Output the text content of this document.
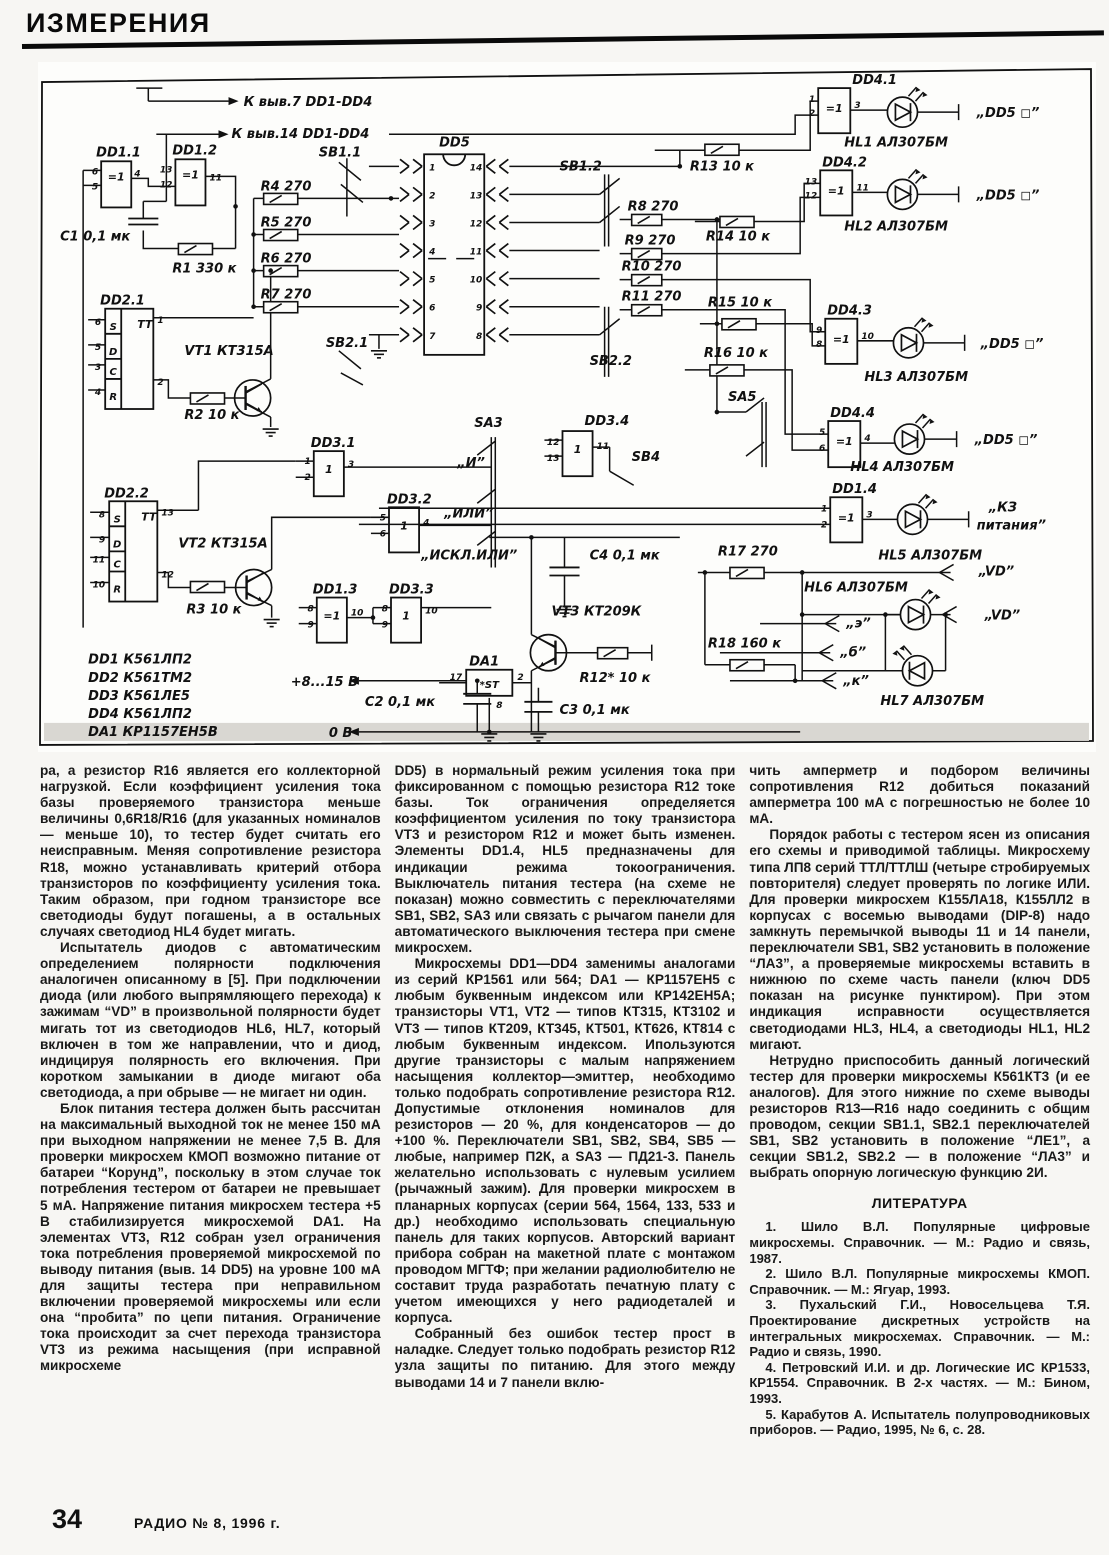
ИЗМЕРЕНИЯ
К выв.7 DD1-DD4
К выв.14 DD1-DD4
DD1.1
=1
6
5
4
DD1.2
=1
13
12
11
С1 0,1 мк
R1 330 к
DD2.1
TT
S
D
C
R
6
5
3
4
1
2
VT1 КТ315А
R2 10 к
DD2.2
TT
S
D
C
R
8
9
11
10
13
12
VT2 КТ315А
R3 10 к
DD1 К561ЛП2
DD2 К561ТМ2
DD3 К561ЛЕ5
DD4 К561ЛП2
DA1 КР1157ЕН5В
R4 270
R5 270
R6 270
R7 270
SB1.1
SB2.1
DD5
1
2
3
4
5
6
7
14
13
12
11
10
9
8
SB1.2
SB2.2
R8 270
R9 270
R10 270
R11 270
R13 10 к
R14 10 к
R15 10 к
R16 10 к
SA5
DD4.1
=1
1
2
3
HL1 АЛ307БМ
„DD5 ◻”
DD4.2
=1
13
12
11
HL2 АЛ307БМ
„DD5 ◻”
DD4.3
=1
9
8
10
HL3 АЛ307БМ
„DD5 ◻”
DD4.4
=1
5
6
4
HL4 АЛ307БМ
„DD5 ◻”
DD1.4
=1
1
2
3
HL5 АЛ307БМ
„КЗ
питания”
R17 270
HL6 АЛ307БМ
„VD”
„VD”
„э”
„б”
„к”
HL7 АЛ307БМ
R18 160 к
SA3
„И”
„ИЛИ”
„ИСКЛ.ИЛИ”
DD3.1
1
1
2
3
DD3.2
1
5
6
4
DD1.3
=1
8
9
10
DD3.3
1
8
9
10
DD3.4
1
12
13
11
SB4
С4 0,1 мк
VT3 КТ209К
R12* 10 к
DA1
*ST
17	2
8
+8...15 В
С2 0,1 мк
0 В
С3 0,1 мк

ра, а резистор R16 является его коллекторной нагрузкой. Если коэффициент усиления тока базы проверяемого транзистора меньше величины 0,6R18/R16 (для указанных номиналов — меньше 10), то тестер будет считать его неисправным. Меняя сопротивление резистора R18, можно устанавливать критерий отбора транзисторов по коэффициенту усиления тока. Таким образом, при годном транзисторе все светодиоды будут погашены, а в остальных случаях светодиод HL4 будет мигать.

Испытатель диодов с автоматическим определением полярности подключения аналогичен описанному в [5]. При подключении диода (или любого выпрямляющего перехода) к зажимам “VD” в произвольной полярности будет мигать тот из светодиодов HL6, HL7, который включен в том же направлении, что и диод, индицируя полярность его включения. При коротком замыкании в диоде мигают оба светодиода, а при обрыве — не мигает ни один.

Блок питания тестера должен быть рассчитан на максимальный выходной ток не менее 150 мА при выходном напряжении не менее 7,5 В. Для проверки микросхем КМОП возможно питание от батареи “Корунд”, поскольку в этом случае ток потребления тестером от батареи не превышает 5 мА. Напряжение питания микросхем тестера +5 В стабилизируется микросхемой DA1. На элементах VT3, R12 собран узел ограничения тока потребления проверяемой микросхемой по выводу питания (выв. 14 DD5) на уровне 100 мА для защиты тестера при неправильном включении проверяемой микросхемы или если она “пробита” по цепи питания. Ограничение тока происходит за счет перехода транзистора VT3 из режима насыщения (при исправной микросхеме

DD5) в нормальный режим усиления тока при фиксированном с помощью резистора R12 токе базы. Ток ограничения определяется коэффициентом усиления по току транзистора VT3 и резистором R12 и может быть изменен. Элементы DD1.4, HL5 предназначены для индикации режима токоограничения. Выключатель питания тестера (на схеме не показан) можно совместить с переключателями SB1, SB2, SA3 или связать с рычагом панели для автоматического выключения тестера при смене микросхем.

Микросхемы DD1—DD4 заменимы аналогами из серий КР1561 или 564; DA1 — КР1157ЕН5 с любым буквенным индексом или КР142ЕН5А; транзисторы VT1, VT2 — типов КТ315, КТ3102 и VT3 — типов КТ209, КТ345, КТ501, КТ626, КТ814 с любым буквенным индексом. Ипользуются другие транзисторы с малым напряжением насыщения коллектор—эмиттер, необходимо только подобрать сопротивление резистора R12. Допустимые отклонения номиналов для резисторов — 20 %, для конденсаторов — до +100 %. Переключатели SB1, SB2, SB4, SB5 — любые, например П2К, а SA3 — ПД21-3. Панель желательно использовать с нулевым усилием (рычажный зажим). Для проверки микросхем в планарных корпусах (серии 564, 1564, 133, 533 и др.) необходимо использовать специальную панель для таких корпусов. Авторский вариант прибора собран на макетной плате с монтажом проводом МГТФ; при желании радиолюбителю не составит труда разработать печатную плату с учетом имеющихся у него радиодеталей и корпуса.

Собранный без ошибок тестер прост в наладке. Следует только подобрать резистор R12 узла защиты по питанию. Для этого между выводами 14 и 7 панели вклю-

чить амперметр и подбором величины сопротивления R12 добиться показаний амперметра 100 мА с погрешностью не более 10 мА.

Порядок работы с тестером ясен из описания его схемы и приводимой таблицы. Микросхему типа ЛП8 серий ТТЛ/ТТЛШ (четыре стробируемых повторителя) следует проверять по логике ИЛИ. Для проверки микросхем К155ЛА18, К155ЛЛ2 в корпусах с восемью выводами (DIP-8) надо замкнуть перемычкой выводы 11 и 14 панели, переключатели SB1, SB2 установить в положение “ЛА3”, а проверяемые микросхемы вставить в нижнюю по схеме часть панели (ключ DD5 показан на рисунке пунктиром). При этом индикация исправности осуществляется светодиодами HL3, HL4, а светодиоды HL1, HL2 мигают.

Нетрудно приспособить данный логический тестер для проверки микросхемы К561КТ3 (и ее аналогов). Для этого нижние по схеме выводы резисторов R13—R16 надо соединить с общим проводом, секции SB1.1, SB2.1 переключателей SB1, SB2 установить в положение “ЛЕ1”, а секции SB1.2, SB2.2 — в положение “ЛА3” и выбрать опорную логическую функцию 2И.

ЛИТЕРАТУРА

1. Шило В.Л. Популярные цифровые микросхемы. Справочник. — М.: Радио и связь, 1987.

2. Шило В.Л. Популярные микросхемы КМОП. Справочник. — М.: Ягуар, 1993.

3. Пухальский Г.И., Новосельцева Т.Я. Проектирование дискретных устройств на интегральных микросхемах. Справочник. — М.: Радио и связь, 1990.

4. Петровский И.И. и др. Логические ИС КР1533, КР1554. Справочник. В 2-х частях. — М.: Бином, 1993.

5. Карабутов А. Испытатель полупроводниковых приборов. — Радио, 1995, № 6, с. 28.

34	РАДИО № 8, 1996 г.
